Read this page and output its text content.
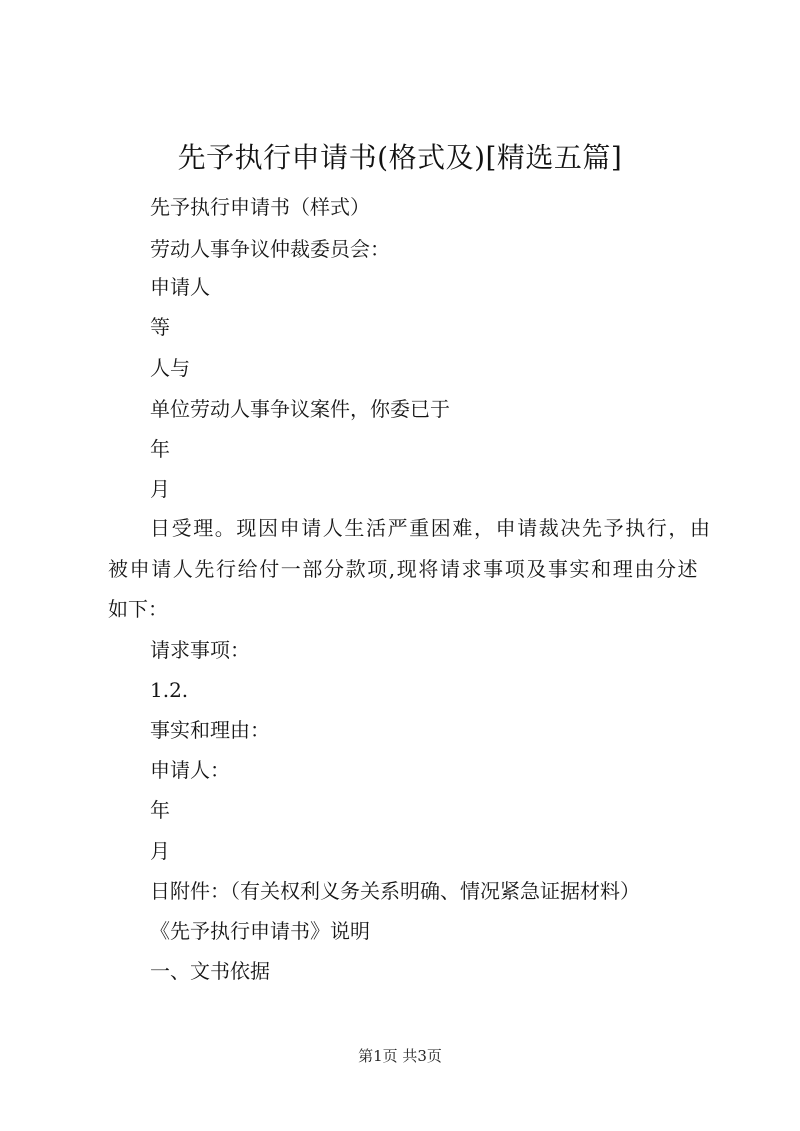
先予执行申请书(格式及)[精选五篇]
先予执行申请书（样式）
劳动人事争议仲裁委员会：
申请人
等
人与
单位劳动人事争议案件，你委已于
年
月
日受理。现因申请人生活严重困难，申请裁决先予执行，由
被申请人先行给付一部分款项,现将请求事项及事实和理由分述
如下：
请求事项：
1.2.
事实和理由：
申请人：
年
月
日附件：（有关权利义务关系明确、情况紧急证据材料）
《先予执行申请书》说明
一、文书依据
第1页 共3页
